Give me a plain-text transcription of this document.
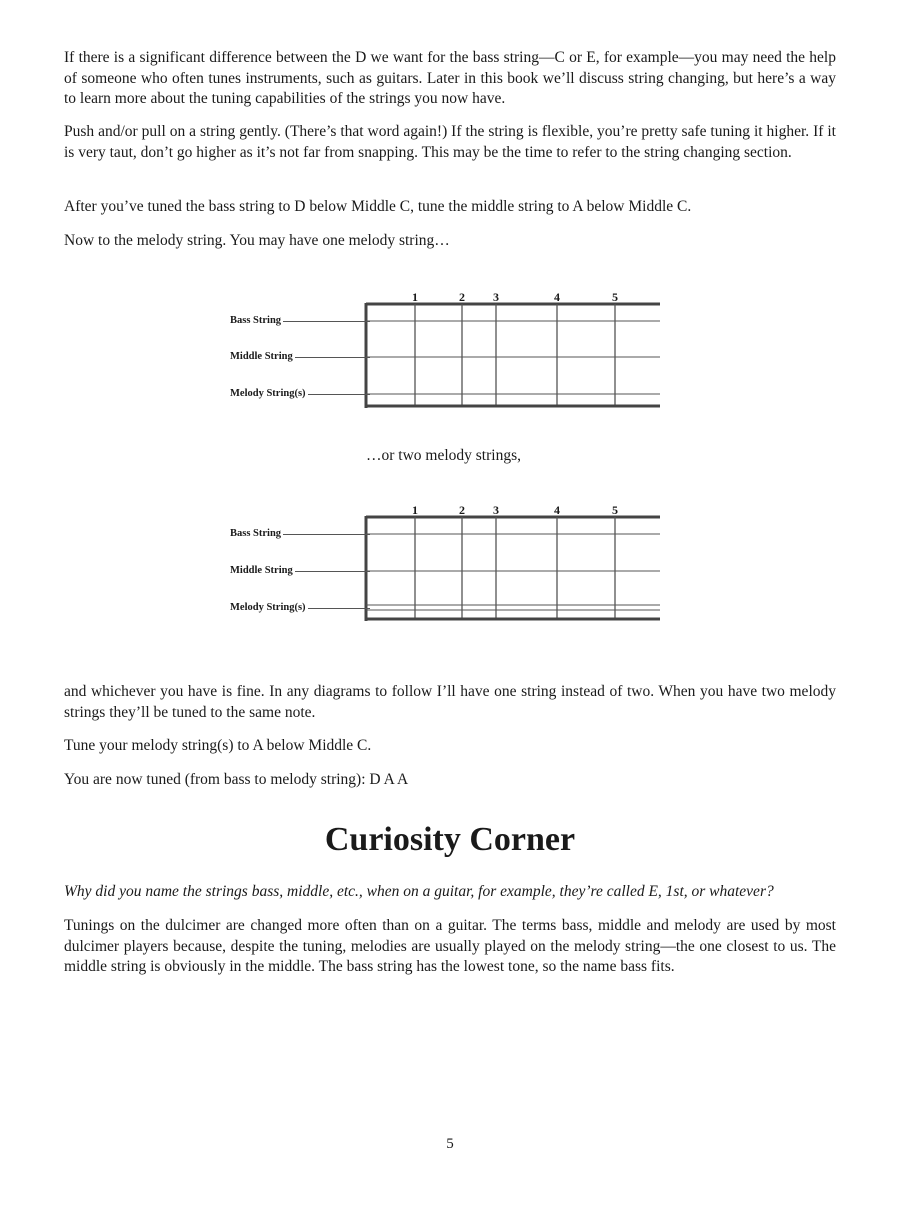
If there is a significant difference between the D we want for the bass string—C or E, for example—you may need the help of someone who often tunes instruments, such as guitars. Later in this book we’ll discuss string changing, but here’s a way to learn more about the tuning capabilities of the strings you now have.

Push and/or pull on a string gently. (There’s that word again!) If the string is flexible, you’re pretty safe tuning it higher. If it is very taut, don’t go higher as it’s not far from snapping. This may be the time to refer to the string changing section.

After you’ve tuned the bass string to D below Middle C, tune the middle string to A below Middle C.

Now to the melody string. You may have one melody string…

1	2 3	4	5
Bass String
Middle String
Melody String(s)

…or two melody strings,

1	2 3	4	5
Bass String
Middle String
Melody String(s)

and whichever you have is fine. In any diagrams to follow I’ll have one string instead of two. When you have two melody strings they’ll be tuned to the same note.

Tune your melody string(s) to A below Middle C.

You are now tuned (from bass to melody string): D A A

Curiosity Corner

Why did you name the strings bass, middle, etc., when on a guitar, for example, they’re called E, 1st, or whatever?

Tunings on the dulcimer are changed more often than on a guitar. The terms bass, middle and melody are used by most dulcimer players because, despite the tuning, melodies are usually played on the melody string—the one closest to us. The middle string is obviously in the middle. The bass string has the lowest tone, so the name bass fits.

5
